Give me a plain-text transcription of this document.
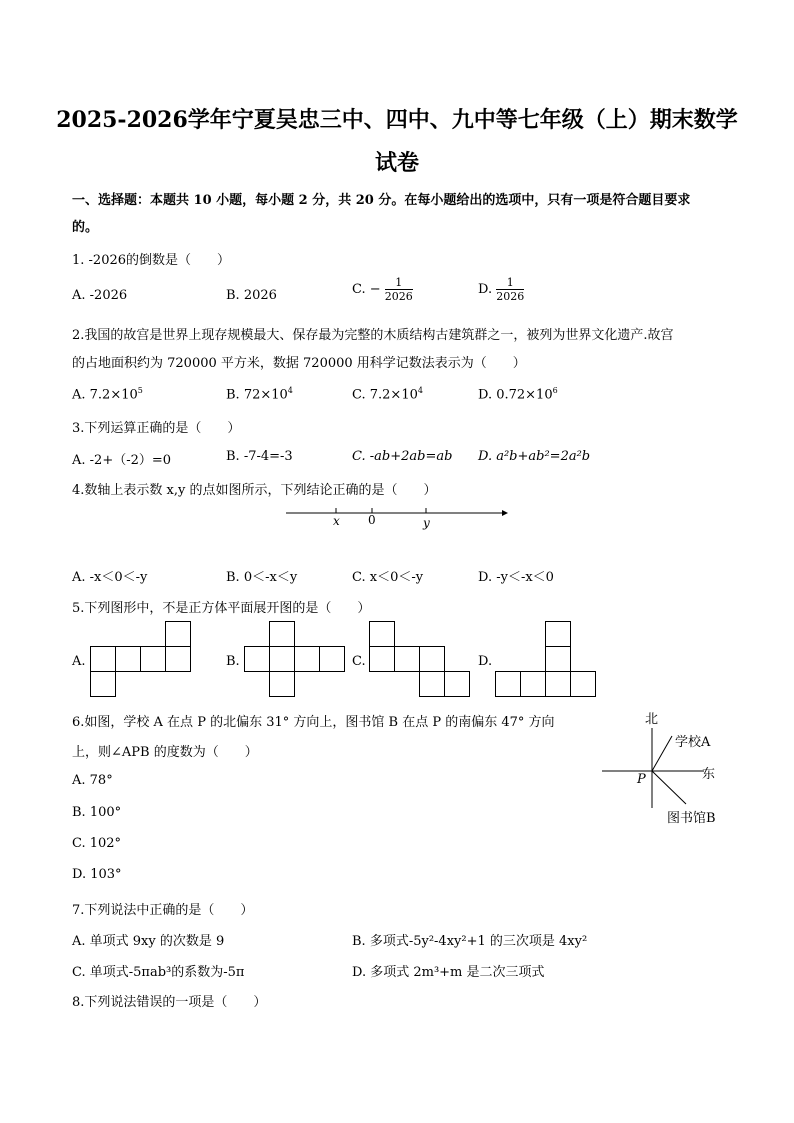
2025-2026学年宁夏吴忠三中、四中、九中等七年级（上）期末数学
试卷
一、选择题：本题共 10 小题，每小题 2 分，共 20 分。在每小题给出的选项中，只有一项是符合题目要求
的。
1. -2026的倒数是（　　）
A. -2026	B. 2026	C. − $\frac{1}{2026}$	D. $\frac{1}{2026}$
2.我国的故宫是世界上现存规模最大、保存最为完整的木质结构古建筑群之一，被列为世界文化遗产.故宫
的占地面积约为 720000 平方米，数据 720000 用科学记数法表示为（　　）
A. $7.2\times 10^5$	B. $72\times 10^4$	C. $7.2\times 10^4$	D. $0.72\times 10^6$
3.下列运算正确的是（　　）
A. -2+（-2）=0	B. -7-4=-3	C. -ab+2ab=ab D. a²b+ab²=2a²b
4.数轴上表示数 x,y 的点如图所示，下列结论正确的是（　　）
x 0	y
A. -x＜0＜-y	B. 0＜-x＜y	C. x＜0＜-y	D. -y＜-x＜0
5.下列图形中，不是正方体平面展开图的是（　　）
A.	B.	C.	D.
6.如图，学校 A 在点 P 的北偏东 31° 方向上，图书馆 B 在点 P 的南偏东 47° 方向
上，则∠APB 的度数为（　　）
A. 78°
B. 100°
C. 102°
D. 103°
北
学校A
东
P
图书馆B
7.下列说法中正确的是（　　）
A. 单项式 9xy 的次数是 9	B. 多项式-5y²-4xy²+1 的三次项是 4xy²
C. 单项式-5πab³的系数为-5π	D. 多项式 2m³+m 是二次三项式
8.下列说法错误的一项是（　　）
